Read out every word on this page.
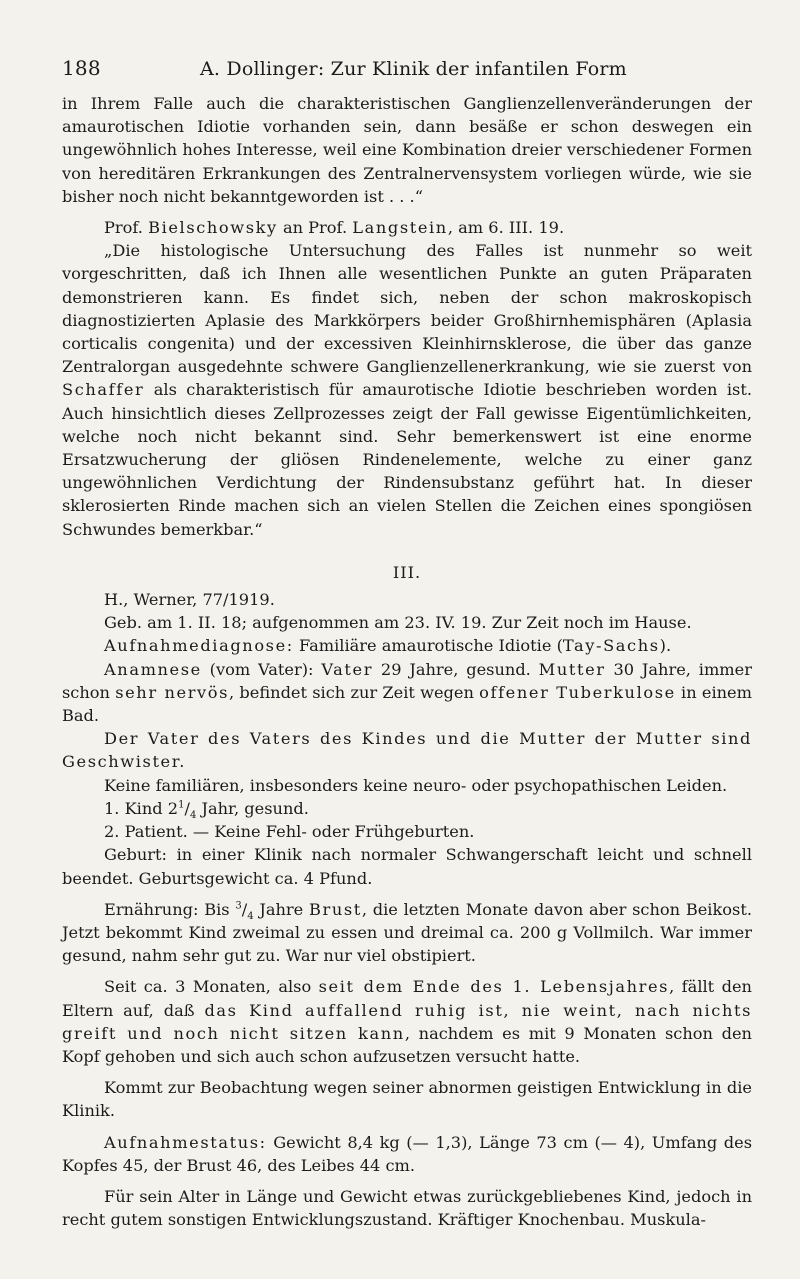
188	A. Dollinger: Zur Klinik der infantilen Form

in Ihrem Falle auch die charakteristischen Ganglienzellenveränderungen der amaurotischen Idiotie vorhanden sein, dann besäße er schon deswegen ein ungewöhnlich hohes Interesse, weil eine Kombination dreier verschiedener Formen von hereditären Erkrankungen des Zentralnervensystem vorliegen würde, wie sie bisher noch nicht bekanntgeworden ist . . .“

Prof. Bielschowsky an Prof. Langstein, am 6. III. 19.

„Die histologische Untersuchung des Falles ist nunmehr so weit vorgeschritten, daß ich Ihnen alle wesentlichen Punkte an guten Präparaten demonstrieren kann. Es findet sich, neben der schon makroskopisch diagnostizierten Aplasie des Markkörpers beider Großhirnhemisphären (Aplasia corticalis congenita) und der excessiven Kleinhirnsklerose, die über das ganze Zentralorgan ausgedehnte schwere Ganglienzellenerkrankung, wie sie zuerst von Schaffer als charakteristisch für amaurotische Idiotie beschrieben worden ist. Auch hinsichtlich dieses Zellprozesses zeigt der Fall gewisse Eigentümlichkeiten, welche noch nicht bekannt sind. Sehr bemerkenswert ist eine enorme Ersatzwucherung der gliösen Rindenelemente, welche zu einer ganz ungewöhnlichen Verdichtung der Rindensubstanz geführt hat. In dieser sklerosierten Rinde machen sich an vielen Stellen die Zeichen eines spongiösen Schwundes bemerkbar.“

III.

H., Werner, 77/1919.

Geb. am 1. II. 18; aufgenommen am 23. IV. 19. Zur Zeit noch im Hause.

Aufnahmediagnose: Familiäre amaurotische Idiotie (Tay-Sachs).

Anamnese (vom Vater): Vater 29 Jahre, gesund. Mutter 30 Jahre, immer schon sehr nervös, befindet sich zur Zeit wegen offener Tuberkulose in einem Bad.

Der Vater des Vaters des Kindes und die Mutter der Mutter sind Geschwister.

Keine familiären, insbesonders keine neuro- oder psychopathischen Leiden.

1. Kind $2^1/_4$ Jahr, gesund.

2. Patient. — Keine Fehl- oder Frühgeburten.

Geburt: in einer Klinik nach normaler Schwangerschaft leicht und schnell beendet. Geburtsgewicht ca. 4 Pfund.

Ernährung: Bis $^3/_4$ Jahre Brust, die letzten Monate davon aber schon Beikost. Jetzt bekommt Kind zweimal zu essen und dreimal ca. 200 g Vollmilch. War immer gesund, nahm sehr gut zu. War nur viel obstipiert.

Seit ca. 3 Monaten, also seit dem Ende des 1. Lebensjahres, fällt den Eltern auf, daß das Kind auffallend ruhig ist, nie weint, nach nichts greift und noch nicht sitzen kann, nachdem es mit 9 Monaten schon den Kopf gehoben und sich auch schon aufzusetzen versucht hatte.

Kommt zur Beobachtung wegen seiner abnormen geistigen Entwicklung in die Klinik.

Aufnahmestatus: Gewicht 8,4 kg (— 1,3), Länge 73 cm (— 4), Umfang des Kopfes 45, der Brust 46, des Leibes 44 cm.

Für sein Alter in Länge und Gewicht etwas zurückgebliebenes Kind, jedoch in recht gutem sonstigen Entwicklungszustand. Kräftiger Knochenbau. Muskula-
